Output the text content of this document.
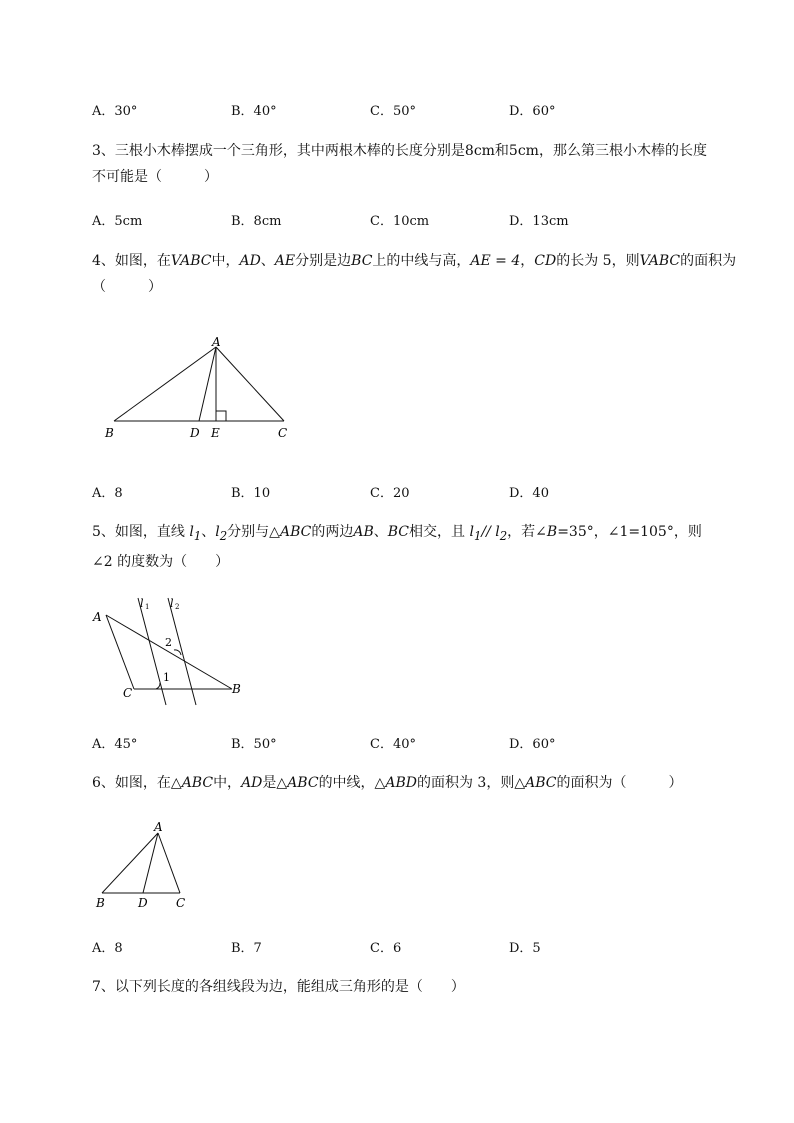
A．30°	B．40°	C．50°	D．60°
3、三根小木棒摆成一个三角形，其中两根木棒的长度分别是8cm和5cm，那么第三根小木棒的长度
不可能是（　　　）
A．5cm	B．8cm	C．10cm	D．13cm
4、如图，在VABC中，AD、AE分别是边BC上的中线与高，AE = 4，CD的长为 5，则VABC的面积为
（　　　）
A
B	D E	C
A．8	B．10	C．20	D．40
5、如图，直线 $l_1$、$l_2$分别与△ABC的两边AB、BC相交，且 $l_1//$ $l_2$，若∠B=35°，∠1=105°，则
∠2 的度数为（　　）
A
C	B
l 1 l 2
1
2
A．45°	B．50°	C．40°	D．60°
6、如图，在△ABC中，AD是△ABC的中线，△ABD的面积为 3，则△ABC的面积为（　　　）
A
B	D C
A．8	B．7	C．6	D．5
7、以下列长度的各组线段为边，能组成三角形的是（　　）
